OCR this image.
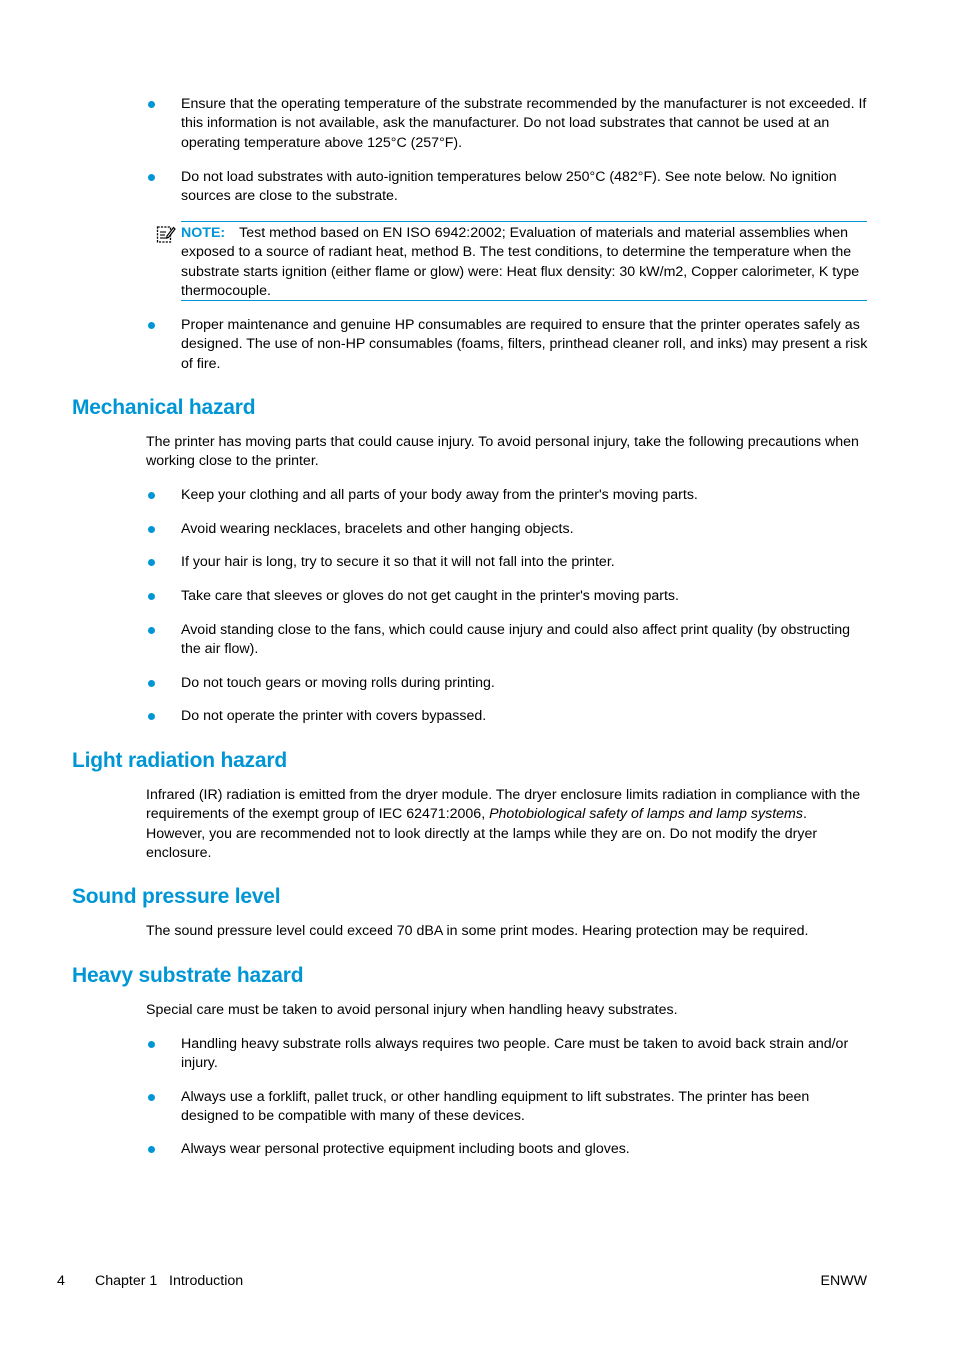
Ensure that the operating temperature of the substrate recommended by the manufacturer is not exceeded. If this information is not available, ask the manufacturer. Do not load substrates that cannot be used at an operating temperature above 125°C (257°F).
Do not load substrates with auto-ignition temperatures below 250°C (482°F). See note below. No ignition sources are close to the substrate.
NOTE: Test method based on EN ISO 6942:2002; Evaluation of materials and material assemblies when exposed to a source of radiant heat, method B. The test conditions, to determine the temperature when the substrate starts ignition (either flame or glow) were: Heat flux density: 30 kW/m2, Copper calorimeter, K type thermocouple.
Proper maintenance and genuine HP consumables are required to ensure that the printer operates safely as designed. The use of non-HP consumables (foams, filters, printhead cleaner roll, and inks) may present a risk of fire.
Mechanical hazard
The printer has moving parts that could cause injury. To avoid personal injury, take the following precautions when working close to the printer.
Keep your clothing and all parts of your body away from the printer's moving parts.
Avoid wearing necklaces, bracelets and other hanging objects.
If your hair is long, try to secure it so that it will not fall into the printer.
Take care that sleeves or gloves do not get caught in the printer's moving parts.
Avoid standing close to the fans, which could cause injury and could also affect print quality (by obstructing the air flow).
Do not touch gears or moving rolls during printing.
Do not operate the printer with covers bypassed.
Light radiation hazard
Infrared (IR) radiation is emitted from the dryer module. The dryer enclosure limits radiation in compliance with the requirements of the exempt group of IEC 62471:2006, Photobiological safety of lamps and lamp systems. However, you are recommended not to look directly at the lamps while they are on. Do not modify the dryer enclosure.
Sound pressure level
The sound pressure level could exceed 70 dBA in some print modes. Hearing protection may be required.
Heavy substrate hazard
Special care must be taken to avoid personal injury when handling heavy substrates.
Handling heavy substrate rolls always requires two people. Care must be taken to avoid back strain and/or injury.
Always use a forklift, pallet truck, or other handling equipment to lift substrates. The printer has been designed to be compatible with many of these devices.
Always wear personal protective equipment including boots and gloves.
4 Chapter 1 Introduction	ENWW
